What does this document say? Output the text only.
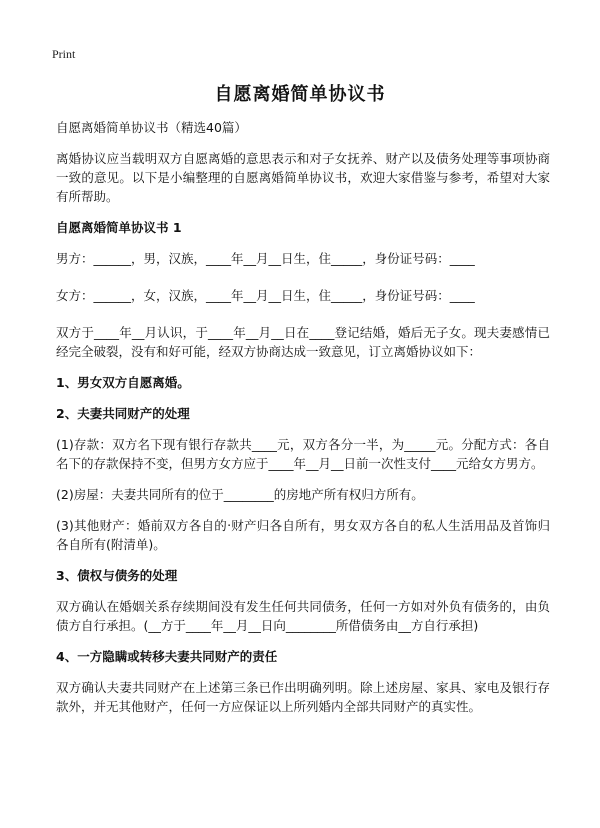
Print
自愿离婚简单协议书

自愿离婚简单协议书（精选40篇）

离婚协议应当载明双方自愿离婚的意思表示和对子女抚养、财产以及债务处理等事项协商一致的意见。以下是小编整理的自愿离婚简单协议书，欢迎大家借鉴与参考，希望对大家有所帮助。

自愿离婚简单协议书 1

男方：______，男，汉族，____年__月__日生，住_____，身份证号码：____

女方：______，女，汉族，____年__月__日生，住_____，身份证号码：____

双方于____年__月认识，于____年__月__日在____登记结婚，婚后无子女。现夫妻感情已经完全破裂，没有和好可能，经双方协商达成一致意见，订立离婚协议如下：

1、男女双方自愿离婚。

2、夫妻共同财产的处理

(1)存款：双方名下现有银行存款共____元，双方各分一半，为_____元。分配方式：各自名下的存款保持不变，但男方女方应于____年__月__日前一次性支付____元给女方男方。

(2)房屋：夫妻共同所有的位于________的房地产所有权归方所有。

(3)其他财产：婚前双方各自的‧财产归各自所有，男女双方各自的私人生活用品及首饰归各自所有(附清单)。

3、债权与债务的处理

双方确认在婚姻关系存续期间没有发生任何共同债务，任何一方如对外负有债务的，由负债方自行承担。(__方于____年__月__日向________所借债务由__方自行承担)

4、一方隐瞒或转移夫妻共同财产的责任

双方确认夫妻共同财产在上述第三条已作出明确列明。除上述房屋、家具、家电及银行存款外，并无其他财产，任何一方应保证以上所列婚内全部共同财产的真实性。
